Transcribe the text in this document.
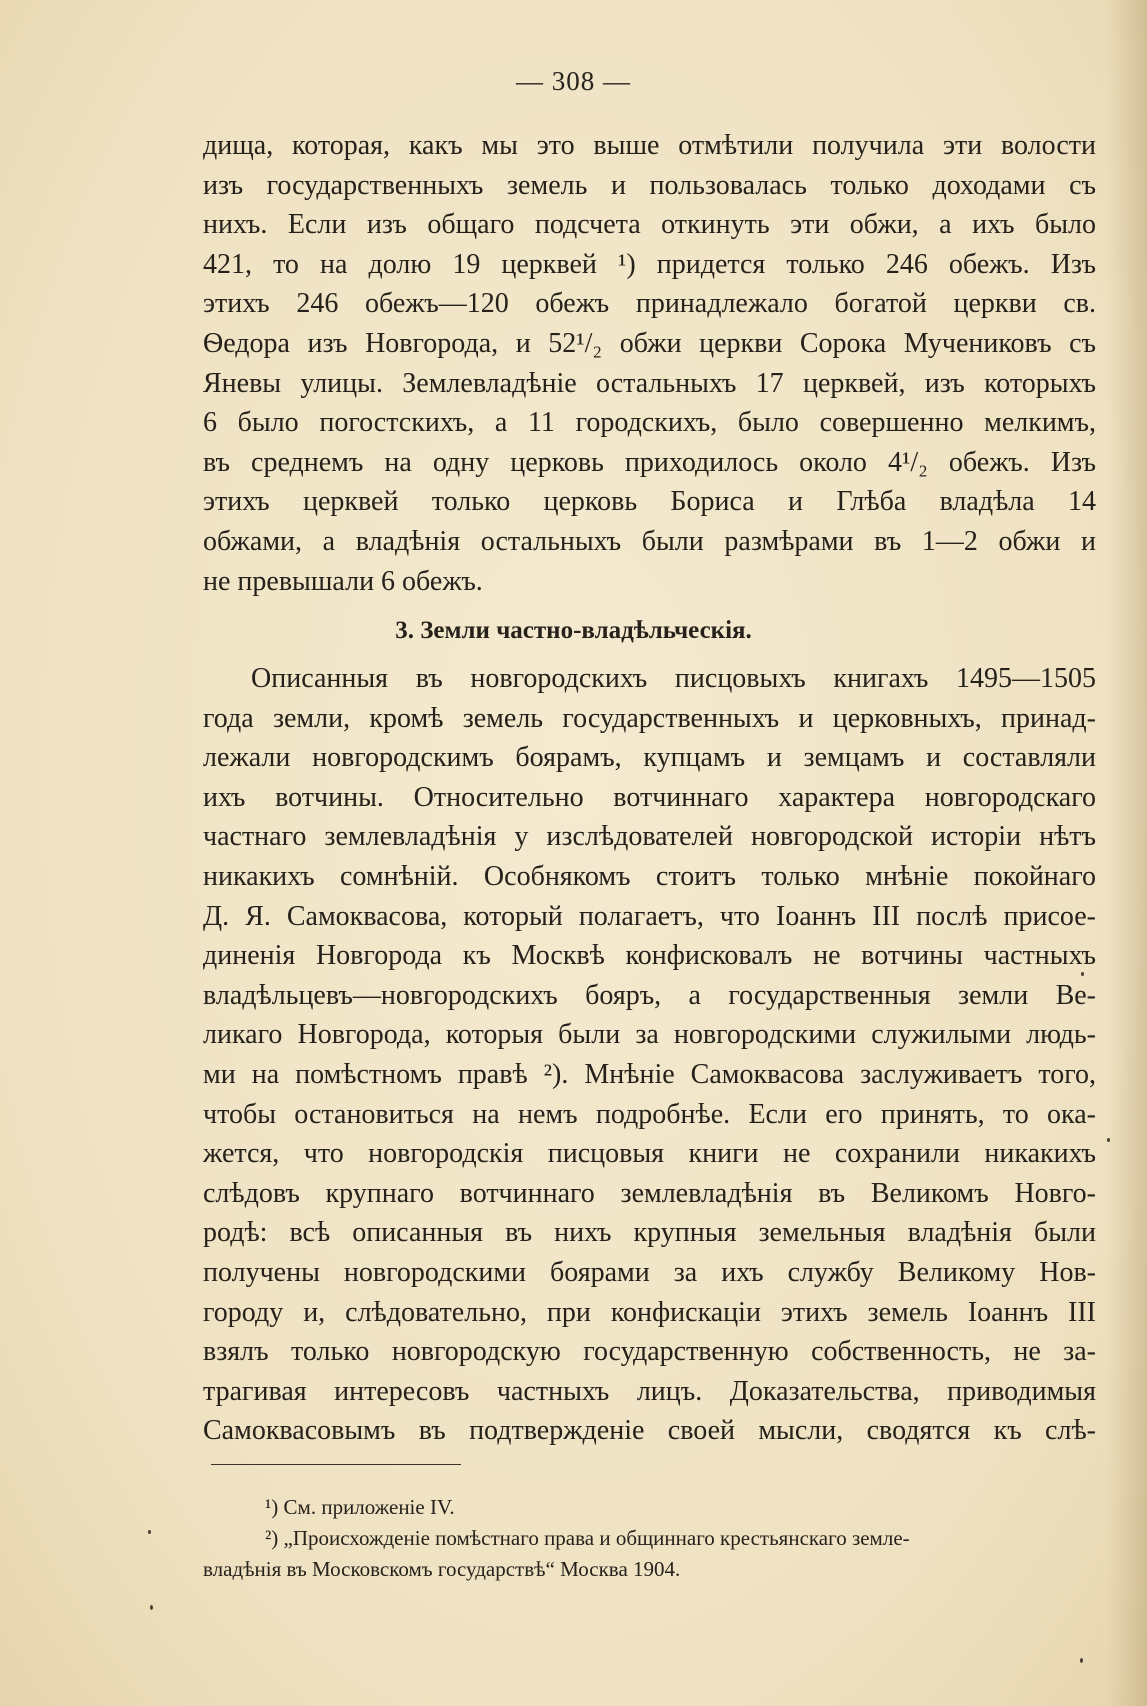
— 308 —
дища, которая, какъ мы это выше отмѣтили получила эти волости
изъ государственныхъ земель и пользовалась только доходами съ
нихъ. Если изъ общаго подсчета откинуть эти обжи, а ихъ было
421, то на долю 19 церквей ¹) придется только 246 обежъ. Изъ
этихъ 246 обежъ—120 обежъ принадлежало богатой церкви св.
Ѳедора изъ Новгорода, и 52¹/₂ обжи церкви Сорока Мучениковъ съ
Яневы улицы. Землевладѣніе остальныхъ 17 церквей, изъ которыхъ
6 было погостскихъ, а 11 городскихъ, было совершенно мелкимъ,
въ среднемъ на одну церковь приходилось около 4¹/₂ обежъ. Изъ
этихъ церквей только церковь Бориса и Глѣба владѣла 14
обжами, а владѣнія остальныхъ были размѣрами въ 1—2 обжи и
не превышали 6 обежъ.
3. Земли частно-владѣльческія.
Описанныя въ новгородскихъ писцовыхъ книгахъ 1495—1505
года земли, кромѣ земель государственныхъ и церковныхъ, принад-
лежали новгородскимъ боярамъ, купцамъ и земцамъ и составляли
ихъ вотчины. Относительно вотчиннаго характера новгородскаго
частнаго землевладѣнія у изслѣдователей новгородской исторіи нѣтъ
никакихъ сомнѣній. Особнякомъ стоитъ только мнѣніе покойнаго
Д. Я. Самоквасова, который полагаетъ, что Іоаннъ ІІІ послѣ присое-
диненія Новгорода къ Москвѣ конфисковалъ не вотчины частныхъ
владѣльцевъ—новгородскихъ бояръ, а государственныя земли Ве-
ликаго Новгорода, которыя были за новгородскими служилыми людь-
ми на помѣстномъ правѣ ²). Мнѣніе Самоквасова заслуживаетъ того,
чтобы остановиться на немъ подробнѣе. Если его принять, то ока-
жется, что новгородскія писцовыя книги не сохранили никакихъ
слѣдовъ крупнаго вотчиннаго землевладѣнія въ Великомъ Новго-
родѣ: всѣ описанныя въ нихъ крупныя земельныя владѣнія были
получены новгородскими боярами за ихъ службу Великому Нов-
городу и, слѣдовательно, при конфискаціи этихъ земель Іоаннъ ІІІ
взялъ только новгородскую государственную собственность, не за-
трагивая интересовъ частныхъ лицъ. Доказательства, приводимыя
Самоквасовымъ въ подтвержденіе своей мысли, сводятся къ слѣ-
¹) См. приложеніе IV.
²) „Происхожденіе помѣстнаго права и общиннаго крестьянскаго земле-
владѣнія въ Московскомъ государствѣ“ Москва 1904.
